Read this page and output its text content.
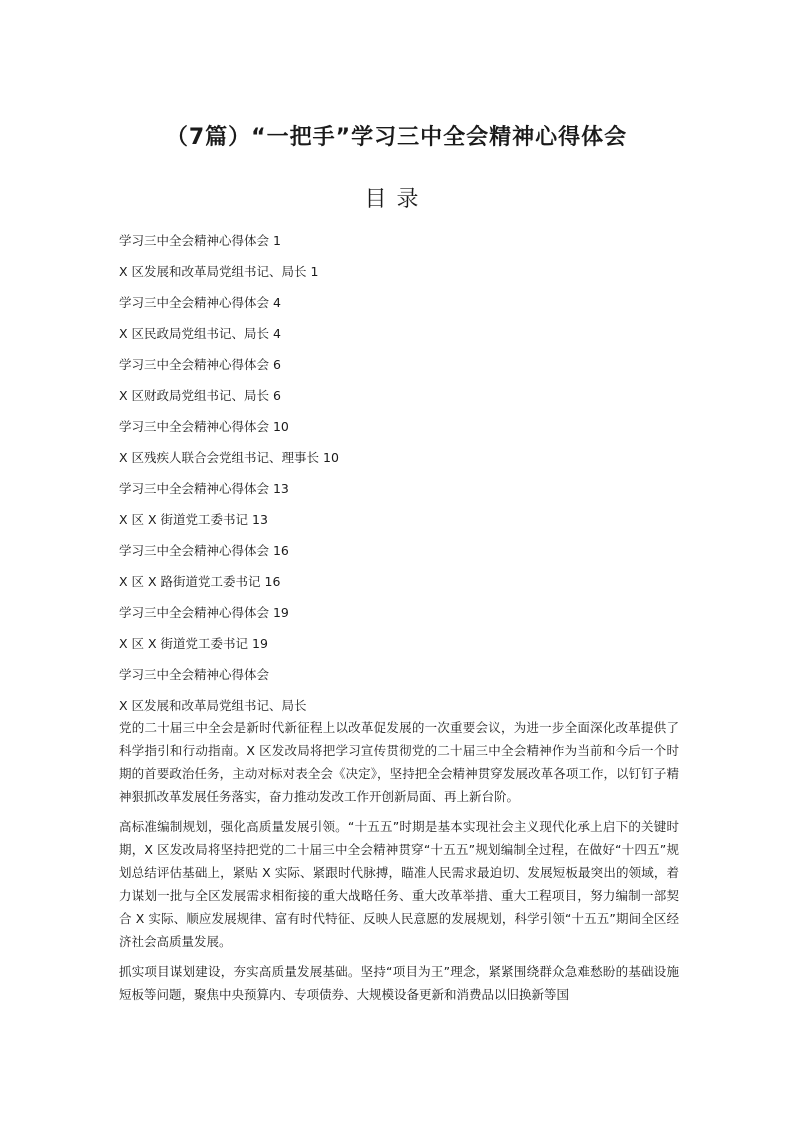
（7篇）“一把手”学习三中全会精神心得体会
目录
学习三中全会精神心得体会 1
X 区发展和改革局党组书记、局长 1
学习三中全会精神心得体会 4
X 区民政局党组书记、局长 4
学习三中全会精神心得体会 6
X 区财政局党组书记、局长 6
学习三中全会精神心得体会 10
X 区残疾人联合会党组书记、理事长 10
学习三中全会精神心得体会 13
X 区 X 街道党工委书记 13
学习三中全会精神心得体会 16
X 区 X 路街道党工委书记 16
学习三中全会精神心得体会 19
X 区 X 街道党工委书记 19
学习三中全会精神心得体会
X 区发展和改革局党组书记、局长

党的二十届三中全会是新时代新征程上以改革促发展的一次重要会议，为进一步全面深化改革提供了科学指引和行动指南。X 区发改局将把学习宣传贯彻党的二十届三中全会精神作为当前和今后一个时期的首要政治任务，主动对标对表全会《决定》，坚持把全会精神贯穿发展改革各项工作，以钉钉子精神狠抓改革发展任务落实，奋力推动发改工作开创新局面、再上新台阶。

高标准编制规划，强化高质量发展引领。“十五五”时期是基本实现社会主义现代化承上启下的关键时期，X 区发改局将坚持把党的二十届三中全会精神贯穿“十五五”规划编制全过程，在做好“十四五”规划总结评估基础上，紧贴 X 实际、紧跟时代脉搏，瞄准人民需求最迫切、发展短板最突出的领域，着力谋划一批与全区发展需求相衔接的重大战略任务、重大改革举措、重大工程项目，努力编制一部契合 X 实际、顺应发展规律、富有时代特征、反映人民意愿的发展规划，科学引领“十五五”期间全区经济社会高质量发展。

抓实项目谋划建设，夯实高质量发展基础。坚持“项目为王”理念，紧紧围绕群众急难愁盼的基础设施短板等问题，聚焦中央预算内、专项债券、大规模设备更新和消费品以旧换新等国
